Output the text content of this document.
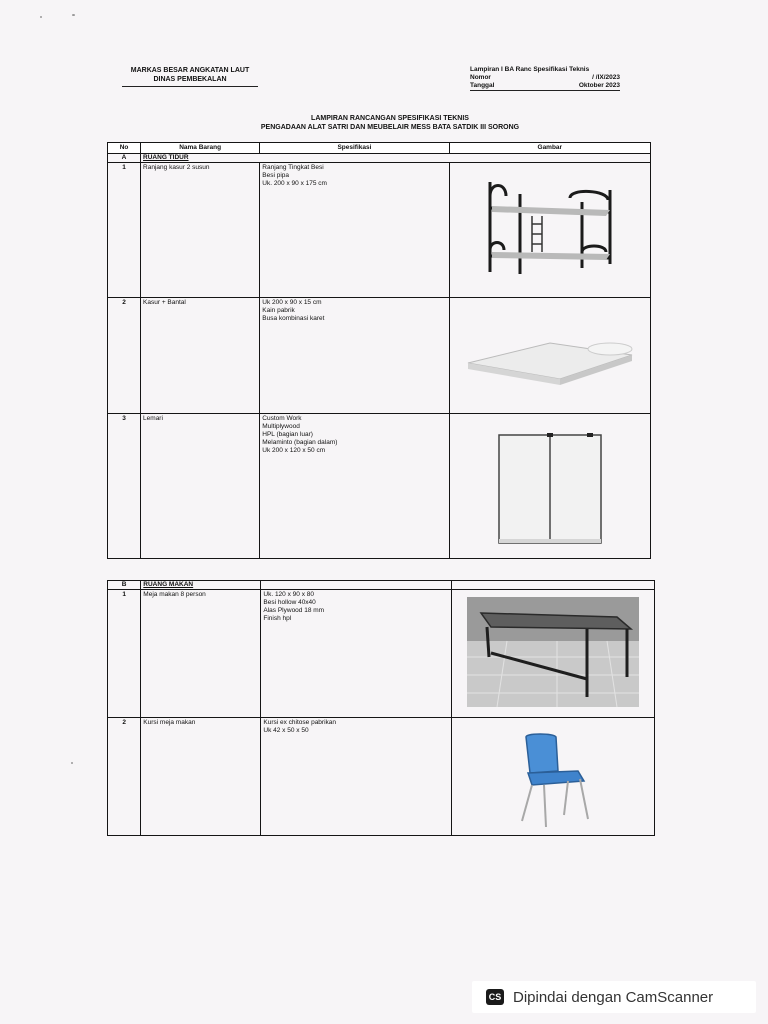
MARKAS BESAR ANGKATAN LAUT
DINAS PEMBEKALAN
Lampiran I BA Ranc Spesifikasi Teknis
Nomor	/ /IX/2023
Tanggal	Oktober 2023
LAMPIRAN RANCANGAN SPESIFIKASI TEKNIS
PENGADAAN ALAT SATRI DAN MEUBELAIR MESS BATA SATDIK III SORONG
No	Nama Barang	Spesifikasi	Gambar
A	RUANG TIDUR		
1	Ranjang kasur 2 susun	Ranjang Tingkat Besi
Besi pipa
Uk. 200 x 90 x 175 cm

2	Kasur + Bantal	Uk 200 x 90 x 15 cm
Kain pabrik
Busa kombinasi karet

3	Lemari	Custom Work
Multiplywood
HPL (bagian luar)
Melaminto (bagian dalam)
Uk 200 x 120 x 50 cm

B	RUANG MAKAN		
1	Meja makan 8 person	Uk. 120 x 90 x 80
Besi hollow 40x40
Alas Plywood 18 mm
Finish hpl

2	Kursi meja makan	Kursi ex chitose pabrikan
Uk 42 x 50 x 50

CS Dipindai dengan CamScanner
